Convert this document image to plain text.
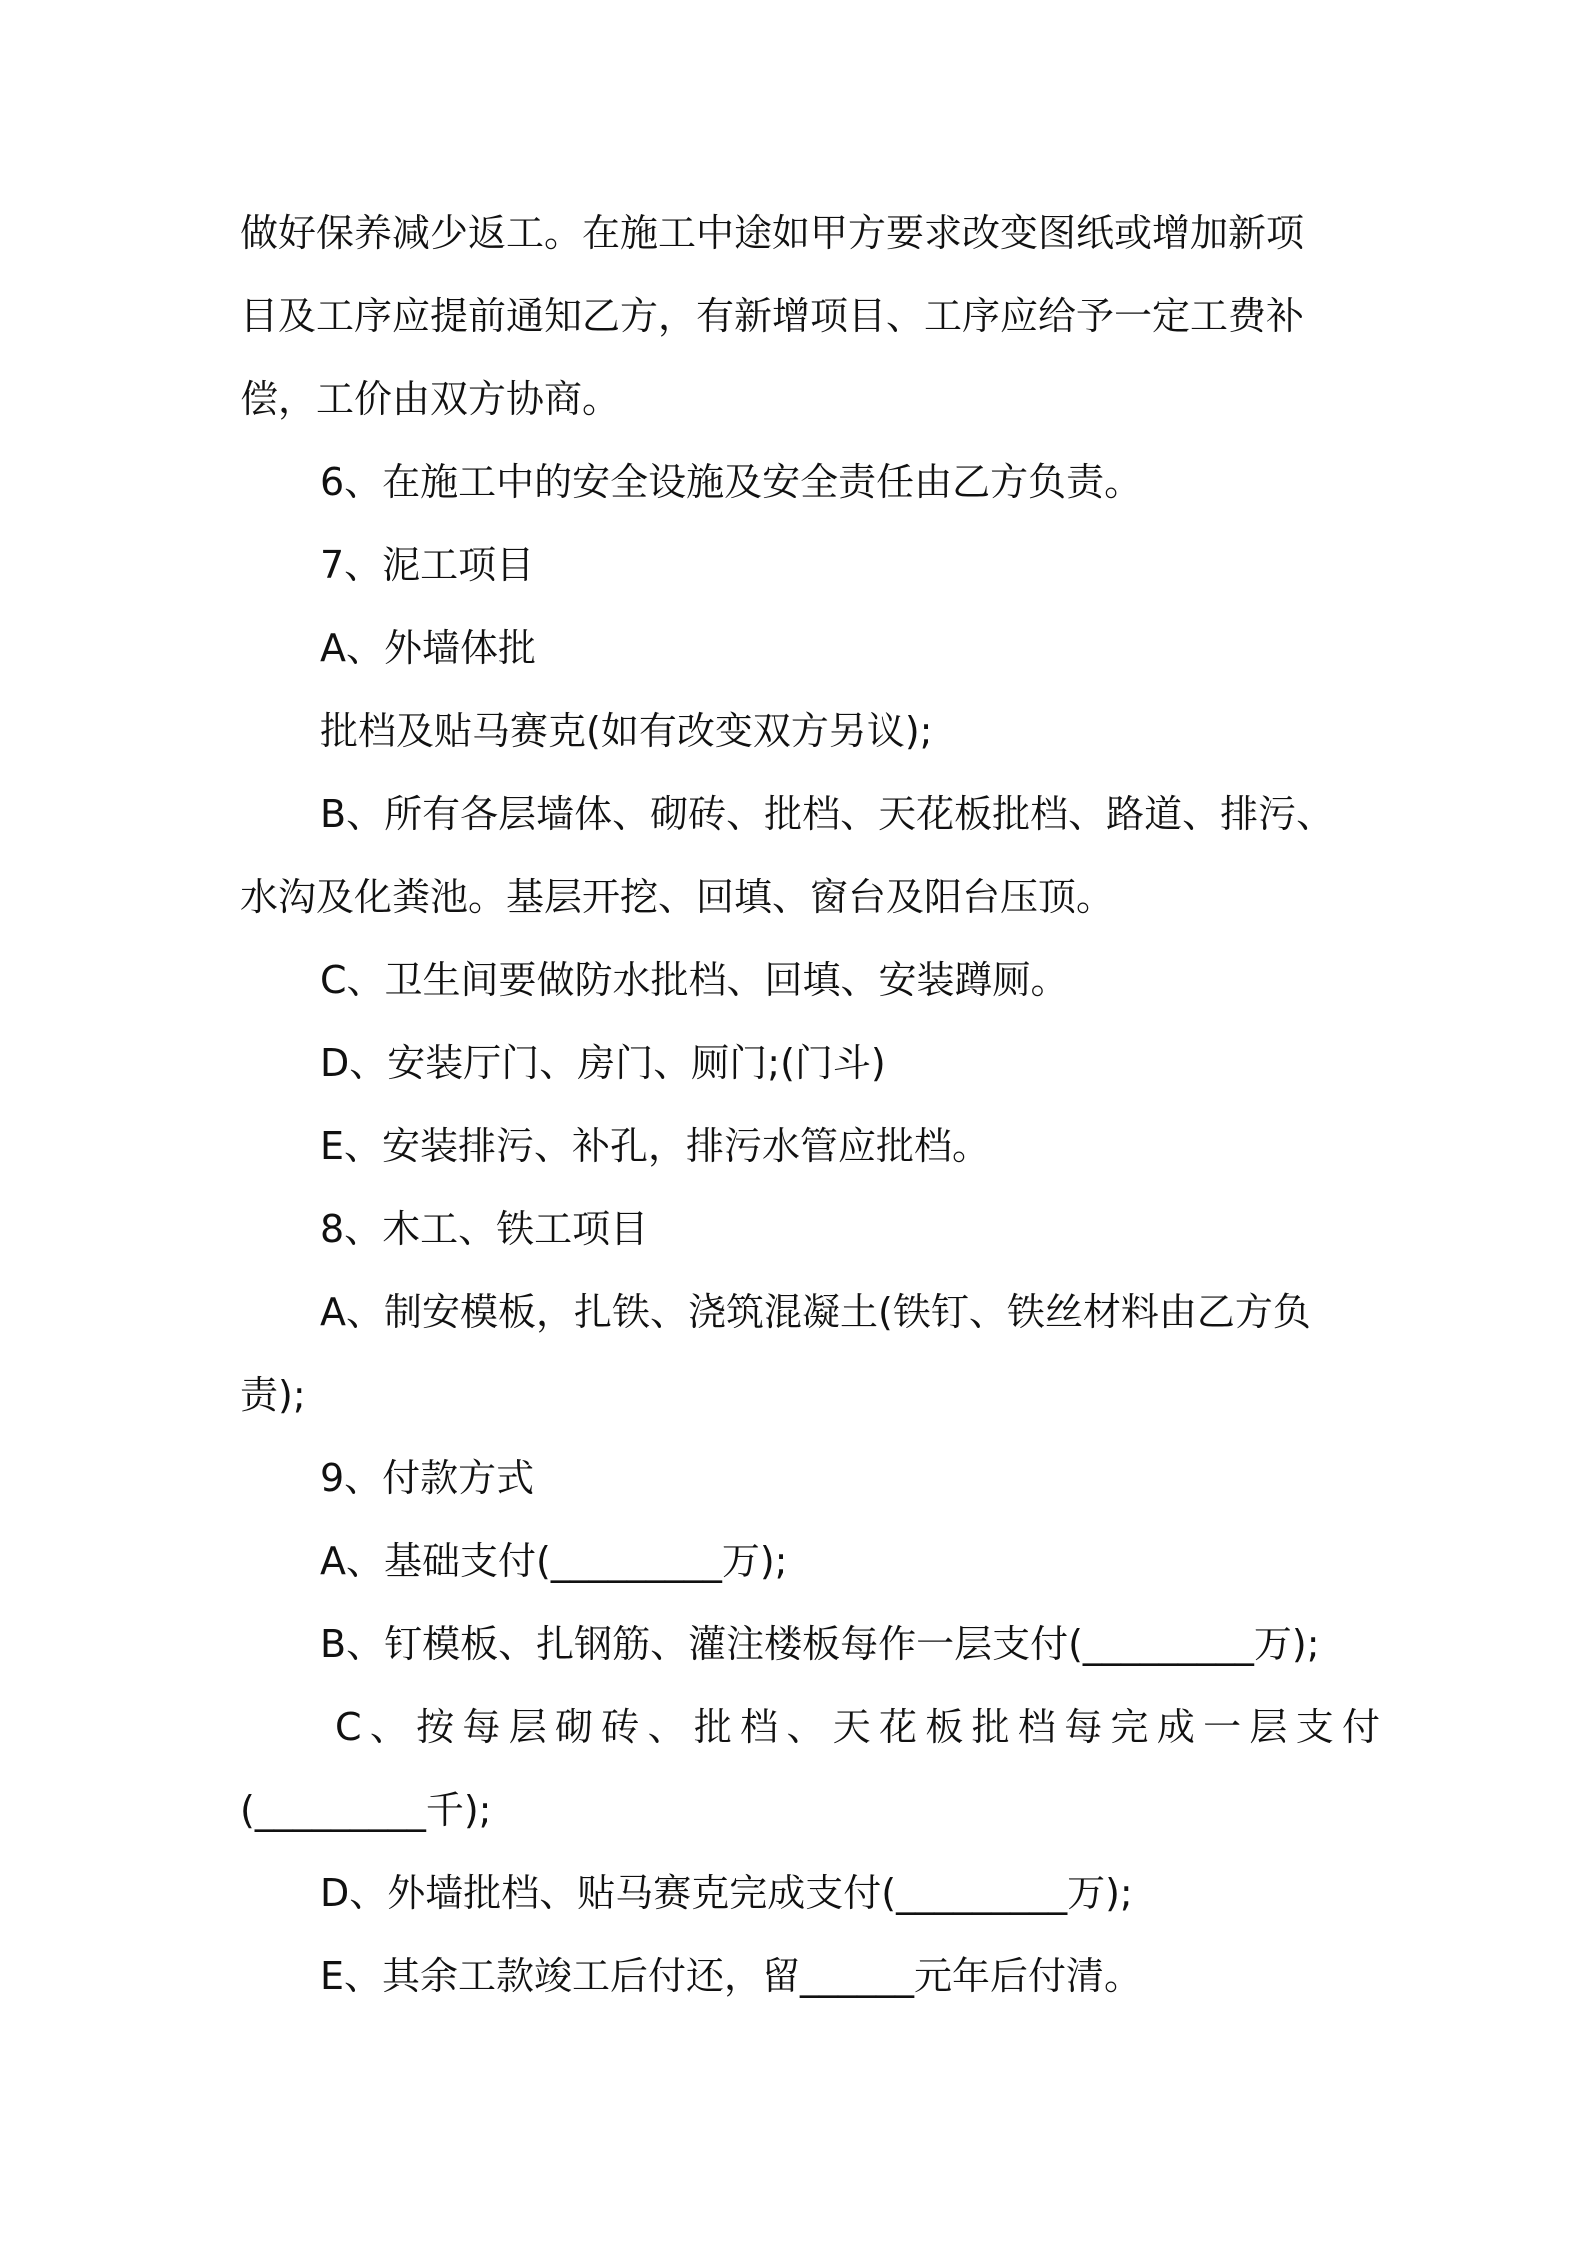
做好保养减少返工。在施工中途如甲方要求改变图纸或增加新项
目及工序应提前通知乙方，有新增项目、工序应给予一定工费补
偿，工价由双方协商。
6、在施工中的安全设施及安全责任由乙方负责。
7、泥工项目
A、外墙体批
批档及贴马赛克(如有改变双方另议);
B、所有各层墙体、砌砖、批档、天花板批档、路道、排污、
水沟及化粪池。基层开挖、回填、窗台及阳台压顶。
C、卫生间要做防水批档、回填、安装蹲厕。
D、安装厅门、房门、厕门;(门斗)
E、安装排污、补孔，排污水管应批档。
8、木工、铁工项目
A、制安模板，扎铁、浇筑混凝土(铁钉、铁丝材料由乙方负
责);
9、付款方式
A、基础支付(_________万);
B、钉模板、扎钢筋、灌注楼板每作一层支付(_________万);
C、按每层砌砖、批档、天花板批档每完成一层支付
(_________千);
D、外墙批档、贴马赛克完成支付(_________万);
E、其余工款竣工后付还，留______元年后付清。
